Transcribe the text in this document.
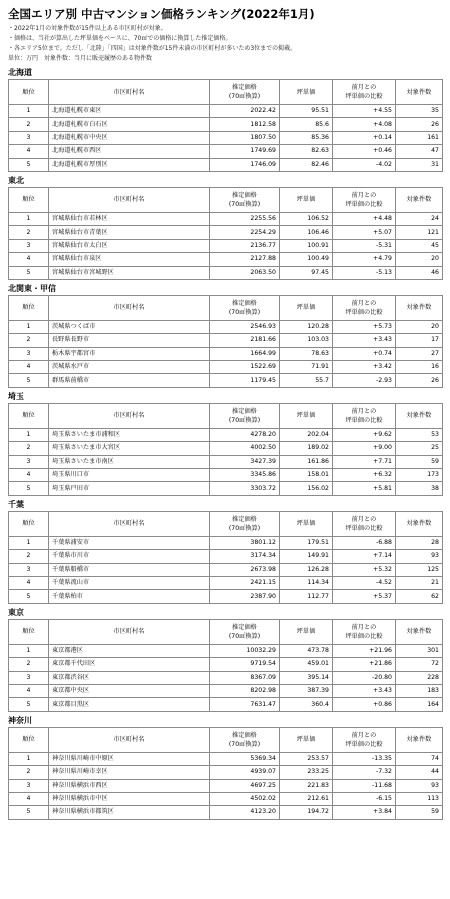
全国エリア別 中古マンション価格ランキング(2022年1月)
・2022年1月の対象件数が15件以上ある市区町村が対象。
・価格は、当社が算出した坪単価をベースに、70㎡での価格に換算した推定価格。
・各エリア5位まで。ただし「北陸」「四国」は対象件数が15件未満の市区町村が多いため3位までの掲載。
単位：万円　対象件数：当月に販売履歴のある物件数
北海道
順位	市区町村名	推定価格
(70㎡換算)	坪単価	前月との
坪単価の比較	対象件数
1	北海道札幌市東区	2022.42	95.51	+4.55	35
2	北海道札幌市白石区	1812.58	85.6	+4.08	26
3	北海道札幌市中央区	1807.50	85.36	+0.14	161
4	北海道札幌市西区	1749.69	82.63	+0.46	47
5	北海道札幌市厚別区	1746.09	82.46	-4.02	31
東北
順位	市区町村名	推定価格
(70㎡換算)	坪単価	前月との
坪単価の比較	対象件数
1	宮城県仙台市若林区	2255.56	106.52	+4.48	24
2	宮城県仙台市青葉区	2254.29	106.46	+5.07	121
3	宮城県仙台市太白区	2136.77	100.91	-5.31	45
4	宮城県仙台市泉区	2127.88	100.49	+4.79	20
5	宮城県仙台市宮城野区	2063.50	97.45	-5.13	46
北関東・甲信
順位	市区町村名	推定価格
(70㎡換算)	坪単価	前月との
坪単価の比較	対象件数
1	茨城県つくば市	2546.93	120.28	+5.73	20
2	長野県長野市	2181.66	103.03	+3.43	17
3	栃木県宇都宮市	1664.99	78.63	+0.74	27
4	茨城県水戸市	1522.69	71.91	+3.42	16
5	群馬県前橋市	1179.45	55.7	-2.93	26
埼玉
順位	市区町村名	推定価格
(70㎡換算)	坪単価	前月との
坪単価の比較	対象件数
1	埼玉県さいたま市浦和区	4278.20	202.04	+9.62	53
2	埼玉県さいたま市大宮区	4002.50	189.02	+9.00	25
3	埼玉県さいたま市南区	3427.39	161.86	+7.71	59
4	埼玉県川口市	3345.86	158.01	+6.32	173
5	埼玉県戸田市	3303.72	156.02	+5.81	38
千葉
順位	市区町村名	推定価格
(70㎡換算)	坪単価	前月との
坪単価の比較	対象件数
1	千葉県浦安市	3801.12	179.51	-6.88	28
2	千葉県市川市	3174.34	149.91	+7.14	93
3	千葉県船橋市	2673.98	126.28	+5.32	125
4	千葉県流山市	2421.15	114.34	-4.52	21
5	千葉県柏市	2387.90	112.77	+5.37	62
東京
順位	市区町村名	推定価格
(70㎡換算)	坪単価	前月との
坪単価の比較	対象件数
1	東京都港区	10032.29	473.78	+21.96	301
2	東京都千代田区	9719.54	459.01	+21.86	72
3	東京都渋谷区	8367.09	395.14	-20.80	228
4	東京都中央区	8202.98	387.39	+3.43	183
5	東京都目黒区	7631.47	360.4	+0.86	164
神奈川
順位	市区町村名	推定価格
(70㎡換算)	坪単価	前月との
坪単価の比較	対象件数
1	神奈川県川崎市中原区	5369.34	253.57	-13.35	74
2	神奈川県川崎市幸区	4939.07	233.25	-7.32	44
3	神奈川県横浜市西区	4697.25	221.83	-11.68	93
4	神奈川県横浜市中区	4502.02	212.61	-6.15	113
5	神奈川県横浜市都筑区	4123.20	194.72	+3.84	59
